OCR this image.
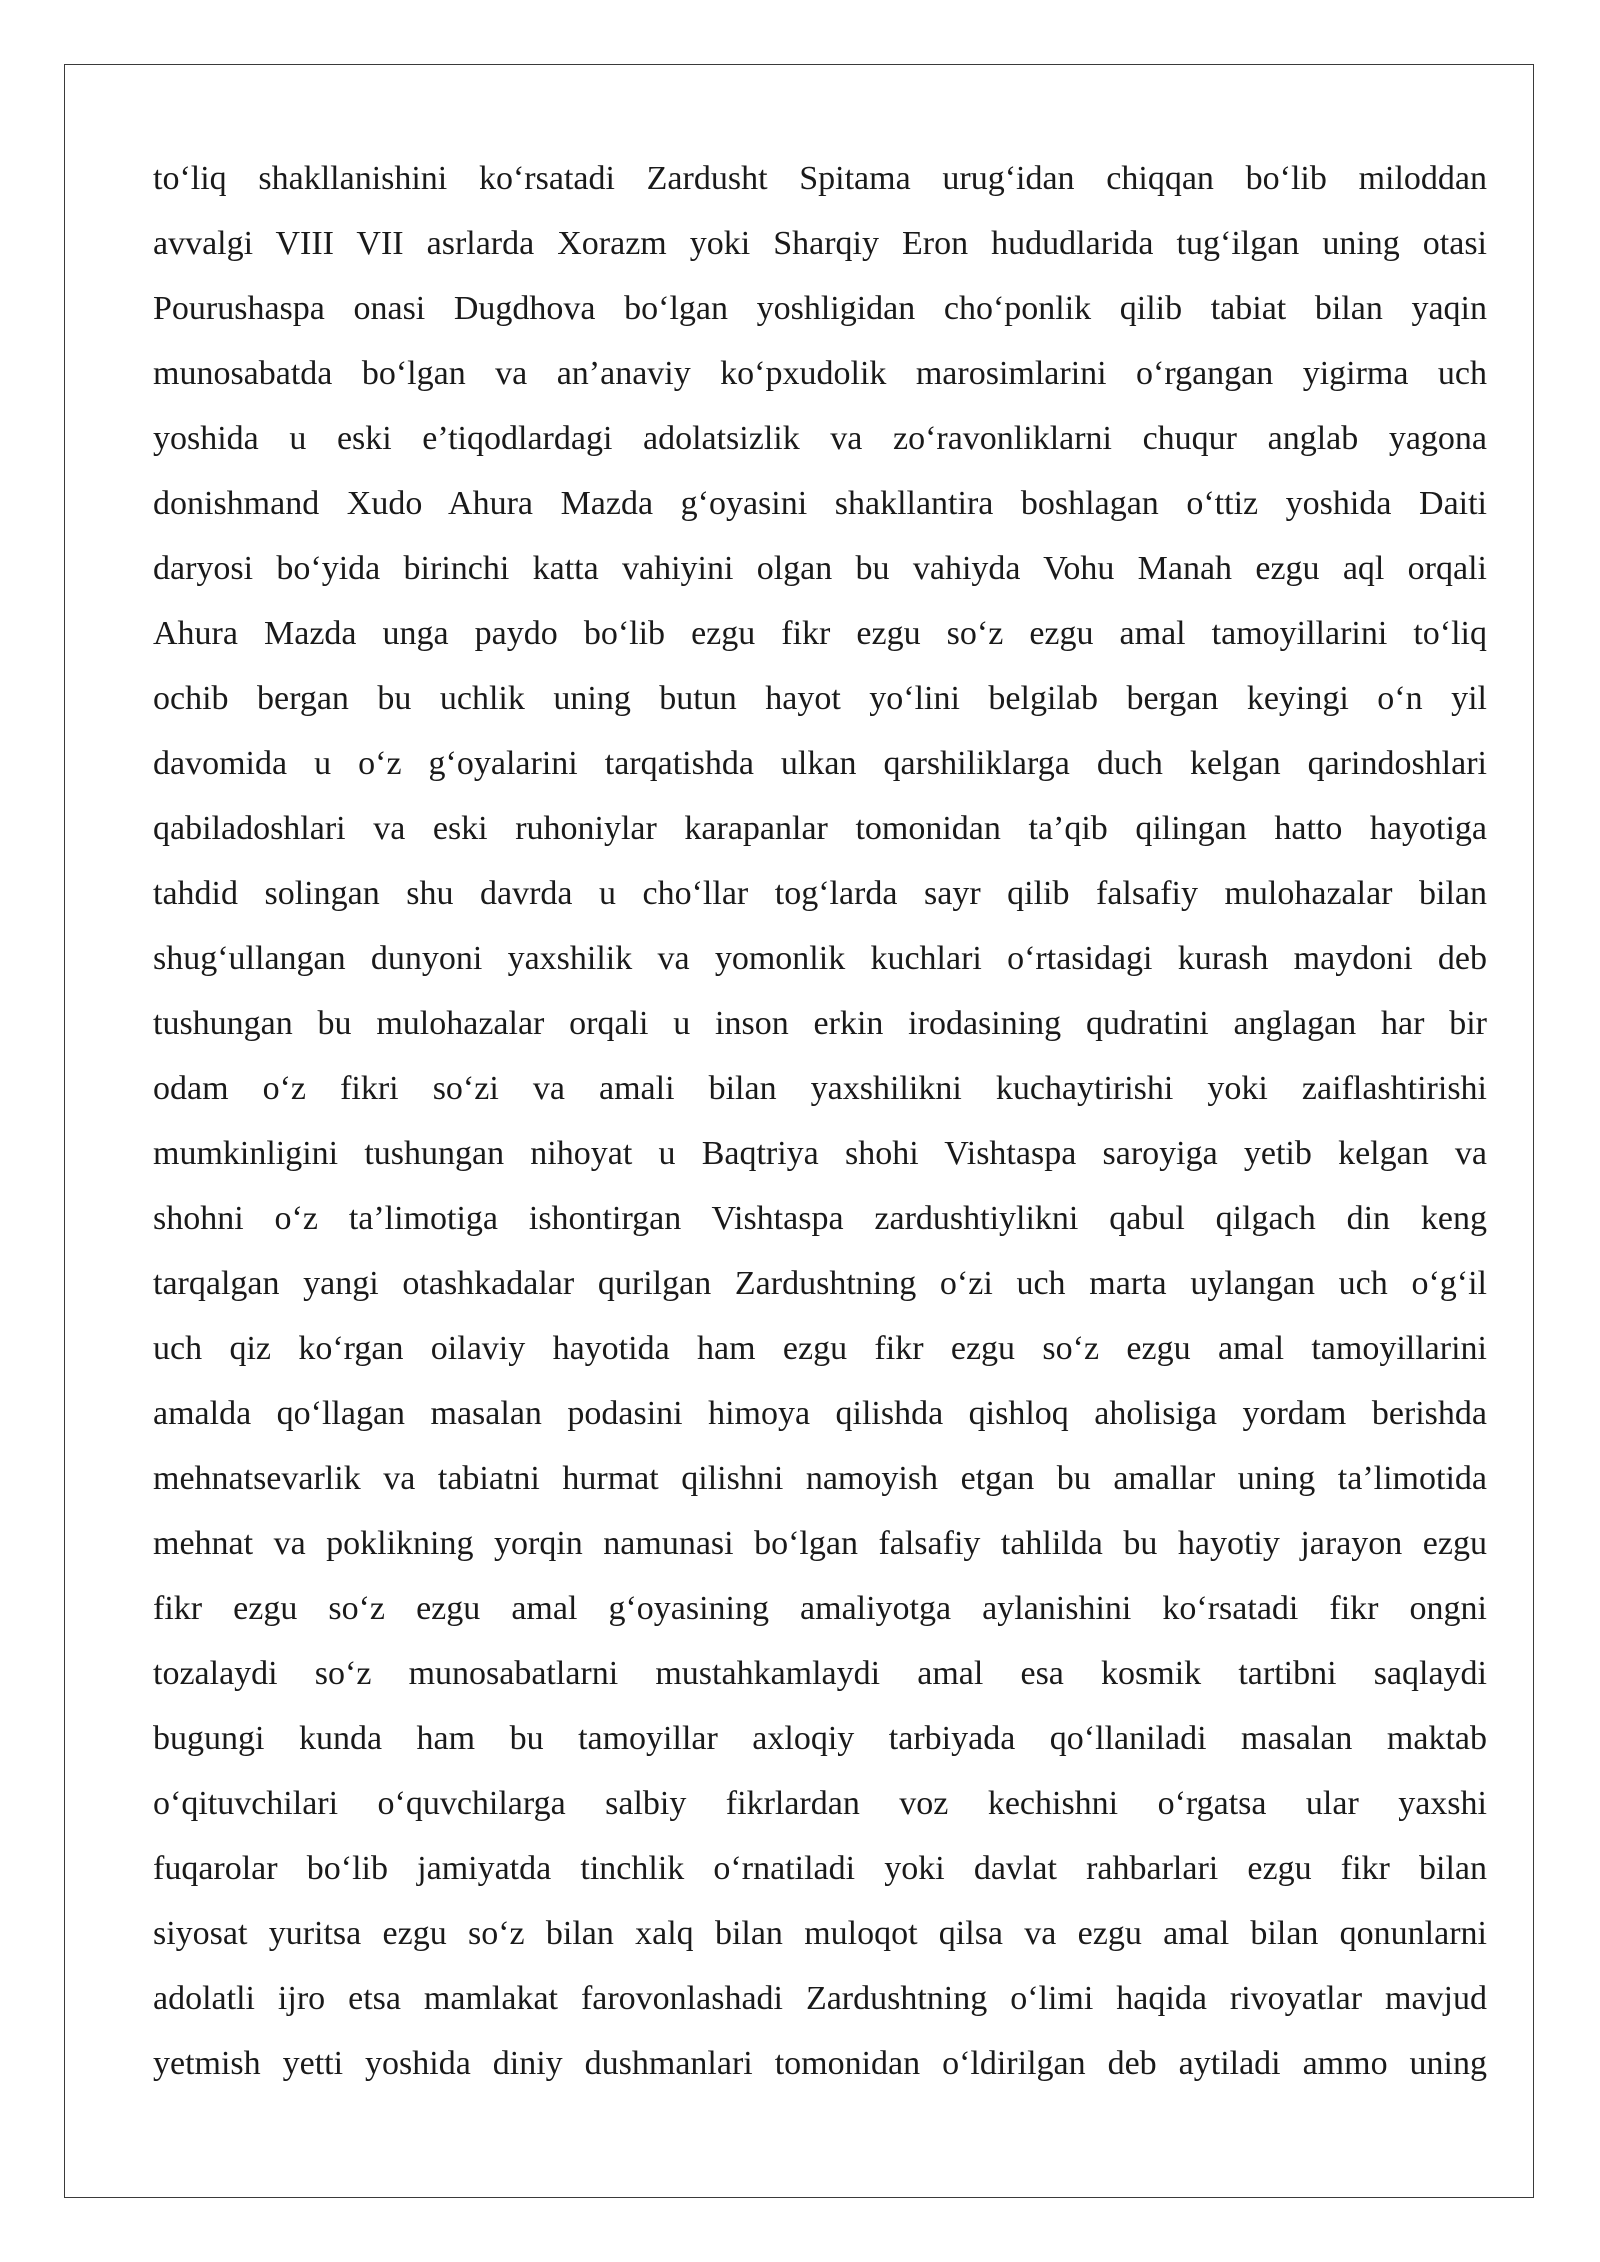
to‘liq shakllanishini ko‘rsatadi Zardusht Spitama urug‘idan chiqqan bo‘lib miloddan
avvalgi VIII VII asrlarda Xorazm yoki Sharqiy Eron hududlarida tug‘ilgan uning otasi
Pourushaspa onasi Dugdhova bo‘lgan yoshligidan cho‘ponlik qilib tabiat bilan yaqin
munosabatda bo‘lgan va an’anaviy ko‘pxudolik marosimlarini o‘rgangan yigirma uch
yoshida u eski e’tiqodlardagi adolatsizlik va zo‘ravonliklarni chuqur anglab yagona
donishmand Xudo Ahura Mazda g‘oyasini shakllantira boshlagan o‘ttiz yoshida Daiti
daryosi bo‘yida birinchi katta vahiyini olgan bu vahiyda Vohu Manah ezgu aql orqali
Ahura Mazda unga paydo bo‘lib ezgu fikr ezgu so‘z ezgu amal tamoyillarini to‘liq
ochib bergan bu uchlik uning butun hayot yo‘lini belgilab bergan keyingi o‘n yil
davomida u o‘z g‘oyalarini tarqatishda ulkan qarshiliklarga duch kelgan qarindoshlari
qabiladoshlari va eski ruhoniylar karapanlar tomonidan ta’qib qilingan hatto hayotiga
tahdid solingan shu davrda u cho‘llar tog‘larda sayr qilib falsafiy mulohazalar bilan
shug‘ullangan dunyoni yaxshilik va yomonlik kuchlari o‘rtasidagi kurash maydoni deb
tushungan bu mulohazalar orqali u inson erkin irodasining qudratini anglagan har bir
odam o‘z fikri so‘zi va amali bilan yaxshilikni kuchaytirishi yoki zaiflashtirishi
mumkinligini tushungan nihoyat u Baqtriya shohi Vishtaspa saroyiga yetib kelgan va
shohni o‘z ta’limotiga ishontirgan Vishtaspa zardushtiylikni qabul qilgach din keng
tarqalgan yangi otashkadalar qurilgan Zardushtning o‘zi uch marta uylangan uch o‘g‘il
uch qiz ko‘rgan oilaviy hayotida ham ezgu fikr ezgu so‘z ezgu amal tamoyillarini
amalda qo‘llagan masalan podasini himoya qilishda qishloq aholisiga yordam berishda
mehnatsevarlik va tabiatni hurmat qilishni namoyish etgan bu amallar uning ta’limotida
mehnat va poklikning yorqin namunasi bo‘lgan falsafiy tahlilda bu hayotiy jarayon ezgu
fikr ezgu so‘z ezgu amal g‘oyasining amaliyotga aylanishini ko‘rsatadi fikr ongni
tozalaydi so‘z munosabatlarni mustahkamlaydi amal esa kosmik tartibni saqlaydi
bugungi kunda ham bu tamoyillar axloqiy tarbiyada qo‘llaniladi masalan maktab
o‘qituvchilari o‘quvchilarga salbiy fikrlardan voz kechishni o‘rgatsa ular yaxshi
fuqarolar bo‘lib jamiyatda tinchlik o‘rnatiladi yoki davlat rahbarlari ezgu fikr bilan
siyosat yuritsa ezgu so‘z bilan xalq bilan muloqot qilsa va ezgu amal bilan qonunlarni
adolatli ijro etsa mamlakat farovonlashadi Zardushtning o‘limi haqida rivoyatlar mavjud
yetmish yetti yoshida diniy dushmanlari tomonidan o‘ldirilgan deb aytiladi ammo uning
